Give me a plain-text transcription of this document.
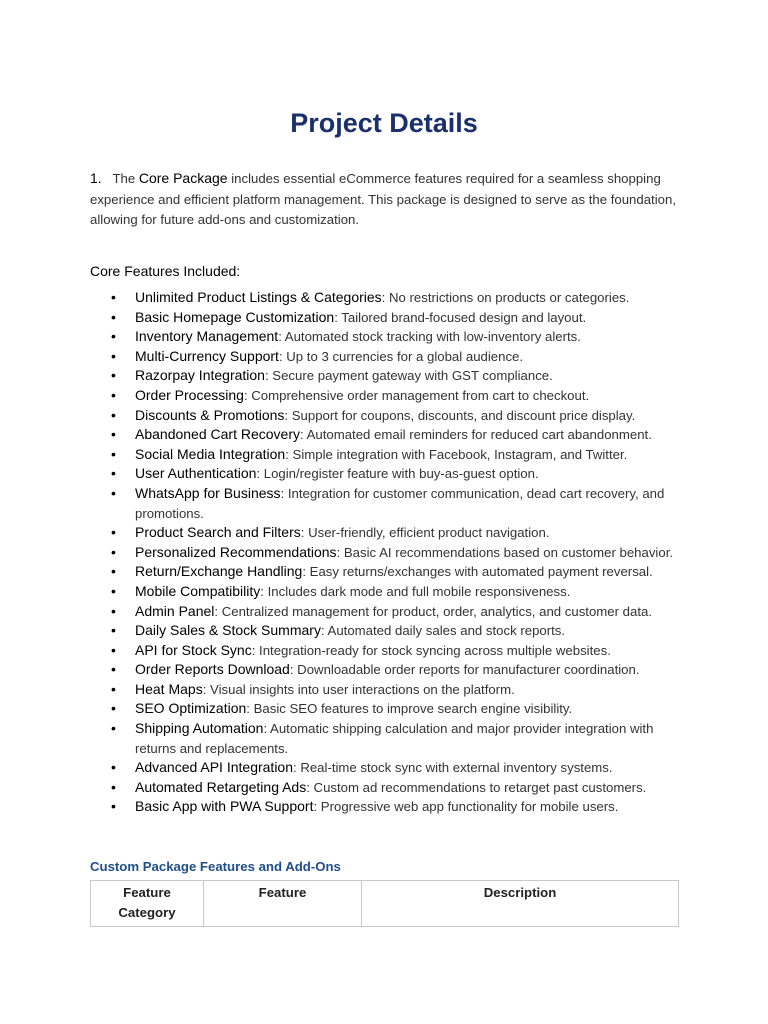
Project Details

1. The Core Package includes essential eCommerce features required for a seamless shopping experience and efficient platform management. This package is designed to serve as the foundation, allowing for future add-ons and customization.

Core Features Included:

• Unlimited Product Listings & Categories: No restrictions on products or categories.
• Basic Homepage Customization: Tailored brand-focused design and layout.
• Inventory Management: Automated stock tracking with low-inventory alerts.
• Multi-Currency Support: Up to 3 currencies for a global audience.
• Razorpay Integration: Secure payment gateway with GST compliance.
• Order Processing: Comprehensive order management from cart to checkout.
• Discounts & Promotions: Support for coupons, discounts, and discount price display.
• Abandoned Cart Recovery: Automated email reminders for reduced cart abandonment.
• Social Media Integration: Simple integration with Facebook, Instagram, and Twitter.
• User Authentication: Login/register feature with buy-as-guest option.
• WhatsApp for Business: Integration for customer communication, dead cart recovery, and promotions.
• Product Search and Filters: User-friendly, efficient product navigation.
• Personalized Recommendations: Basic AI recommendations based on customer behavior.
• Return/Exchange Handling: Easy returns/exchanges with automated payment reversal.
• Mobile Compatibility: Includes dark mode and full mobile responsiveness.
• Admin Panel: Centralized management for product, order, analytics, and customer data.
• Daily Sales & Stock Summary: Automated daily sales and stock reports.
• API for Stock Sync: Integration-ready for stock syncing across multiple websites.
• Order Reports Download: Downloadable order reports for manufacturer coordination.
• Heat Maps: Visual insights into user interactions on the platform.
• SEO Optimization: Basic SEO features to improve search engine visibility.
• Shipping Automation: Automatic shipping calculation and major provider integration with returns and replacements.
• Advanced API Integration: Real-time stock sync with external inventory systems.
• Automated Retargeting Ads: Custom ad recommendations to retarget past customers.
• Basic App with PWA Support: Progressive web app functionality for mobile users.

Custom Package Features and Add-Ons

Feature Category	Feature	Description
